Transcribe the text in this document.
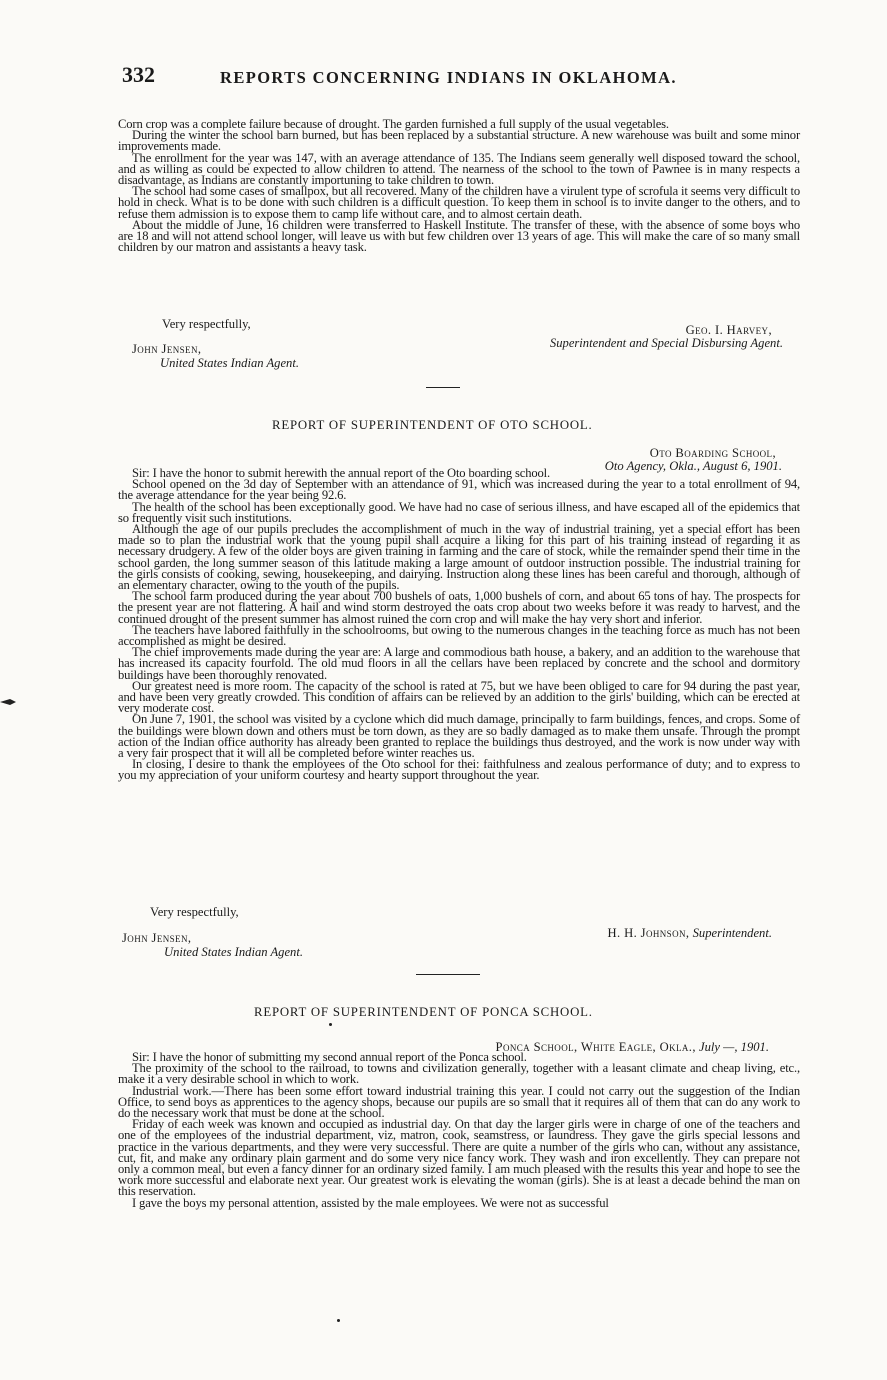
332	REPORTS CONCERNING INDIANS IN OKLAHOMA.

Corn crop was a complete failure because of drought. The garden furnished a full supply of the usual vegetables.

During the winter the school barn burned, but has been replaced by a substantial structure. A new warehouse was built and some minor improvements made.

The enrollment for the year was 147, with an average attendance of 135. The Indians seem generally well disposed toward the school, and as willing as could be expected to allow children to attend. The nearness of the school to the town of Pawnee is in many respects a disadvantage, as Indians are constantly importuning to take children to town.

The school had some cases of smallpox, but all recovered. Many of the children have a virulent type of scrofula it seems very difficult to hold in check. What is to be done with such children is a difficult question. To keep them in school is to invite danger to the others, and to refuse them admission is to expose them to camp life without care, and to almost certain death.

About the middle of June, 16 children were transferred to Haskell Institute. The transfer of these, with the absence of some boys who are 18 and will not attend school longer, will leave us with but few children over 13 years of age. This will make the care of so many small children by our matron and assistants a heavy task.

Very respectfully,	Geo. I. Harvey,
Superintendent and Special Disbursing Agent.
John Jensen,
United States Indian Agent.
REPORT OF SUPERINTENDENT OF OTO SCHOOL.
Oto Boarding School,
Oto Agency, Okla., August 6, 1901.

Sir: I have the honor to submit herewith the annual report of the Oto boarding school.

School opened on the 3d day of September with an attendance of 91, which was increased during the year to a total enrollment of 94, the average attendance for the year being 92.6.

The health of the school has been exceptionally good. We have had no case of serious illness, and have escaped all of the epidemics that so frequently visit such institutions.

Although the age of our pupils precludes the accomplishment of much in the way of industrial training, yet a special effort has been made so to plan the industrial work that the young pupil shall acquire a liking for this part of his training instead of regarding it as necessary drudgery. A few of the older boys are given training in farming and the care of stock, while the remainder spend their time in the school garden, the long summer season of this latitude making a large amount of outdoor instruction possible. The industrial training for the girls consists of cooking, sewing, housekeeping, and dairying. Instruction along these lines has been careful and thorough, although of an elementary character, owing to the youth of the pupils.

The school farm produced during the year about 700 bushels of oats, 1,000 bushels of corn, and about 65 tons of hay. The prospects for the present year are not flattering. A hail and wind storm destroyed the oats crop about two weeks before it was ready to harvest, and the continued drought of the present summer has almost ruined the corn crop and will make the hay very short and inferior.

The teachers have labored faithfully in the schoolrooms, but owing to the numerous changes in the teaching force as much has not been accomplished as might be desired.

The chief improvements made during the year are: A large and commodious bath house, a bakery, and an addition to the warehouse that has increased its capacity fourfold. The old mud floors in all the cellars have been replaced by concrete and the school and dormitory buildings have been thoroughly renovated.

Our greatest need is more room. The capacity of the school is rated at 75, but we have been obliged to care for 94 during the past year, and have been very greatly crowded. This condition of affairs can be relieved by an addition to the girls' building, which can be erected at very moderate cost.

On June 7, 1901, the school was visited by a cyclone which did much damage, principally to farm buildings, fences, and crops. Some of the buildings were blown down and others must be torn down, as they are so badly damaged as to make them unsafe. Through the prompt action of the Indian office authority has already been granted to replace the buildings thus destroyed, and the work is now under way with a very fair prospect that it will all be completed before winter reaches us.

In closing, I desire to thank the employees of the Oto school for thei: faithfulness and zealous performance of duty; and to express to you my appreciation of your uniform courtesy and hearty support throughout the year.

Very respectfully,
H. H. Johnson, Superintendent.
John Jensen,
United States Indian Agent.
REPORT OF SUPERINTENDENT OF PONCA SCHOOL.
Ponca School, White Eagle, Okla., July —, 1901.

Sir: I have the honor of submitting my second annual report of the Ponca school.

The proximity of the school to the railroad, to towns and civilization generally, together with a leasant climate and cheap living, etc., make it a very desirable school in which to work.

Industrial work.—There has been some effort toward industrial training this year. I could not carry out the suggestion of the Indian Office, to send boys as apprentices to the agency shops, because our pupils are so small that it requires all of them that can do any work to do the necessary work that must be done at the school.

Friday of each week was known and occupied as industrial day. On that day the larger girls were in charge of one of the teachers and one of the employees of the industrial department, viz, matron, cook, seamstress, or laundress. They gave the girls special lessons and practice in the various departments, and they were very successful. There are quite a number of the girls who can, without any assistance, cut, fit, and make any ordinary plain garment and do some very nice fancy work. They wash and iron excellently. They can prepare not only a common meal, but even a fancy dinner for an ordinary sized family. I am much pleased with the results this year and hope to see the work more successful and elaborate next year. Our greatest work is elevating the woman (girls). She is at least a decade behind the man on this reservation.

I gave the boys my personal attention, assisted by the male employees. We were not as successful
